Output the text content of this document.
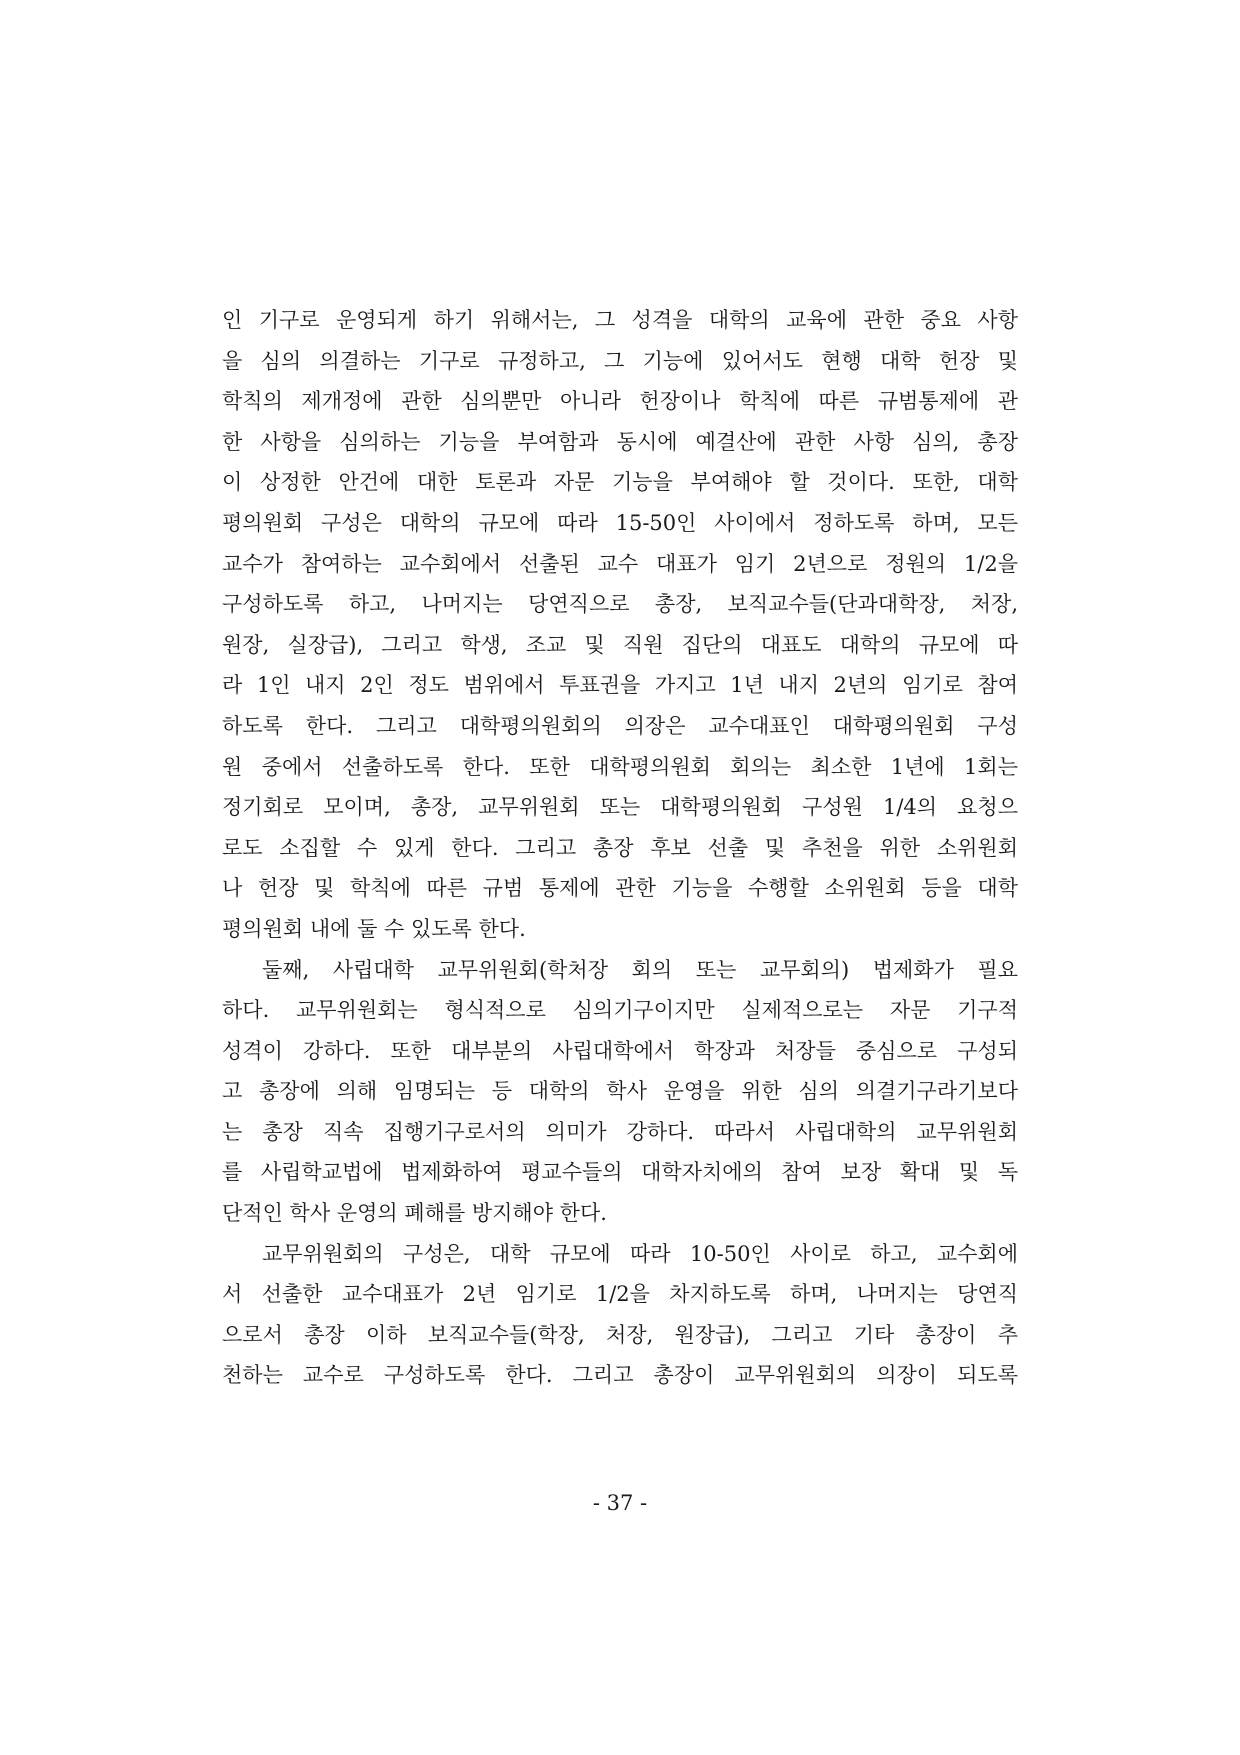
인 기구로 운영되게 하기 위해서는, 그 성격을 대학의 교육에 관한 중요 사항
을 심의 의결하는 기구로 규정하고, 그 기능에 있어서도 현행 대학 헌장 및
학칙의 제개정에 관한 심의뿐만 아니라 헌장이나 학칙에 따른 규범통제에 관
한 사항을 심의하는 기능을 부여함과 동시에 예결산에 관한 사항 심의, 총장
이 상정한 안건에 대한 토론과 자문 기능을 부여해야 할 것이다. 또한, 대학
평의원회 구성은 대학의 규모에 따라 15-50인 사이에서 정하도록 하며, 모든
교수가 참여하는 교수회에서 선출된 교수 대표가 임기 2년으로 정원의 1/2을
구성하도록 하고, 나머지는 당연직으로 총장, 보직교수들(단과대학장, 처장,
원장, 실장급), 그리고 학생, 조교 및 직원 집단의 대표도 대학의 규모에 따
라 1인 내지 2인 정도 범위에서 투표권을 가지고 1년 내지 2년의 임기로 참여
하도록 한다. 그리고 대학평의원회의 의장은 교수대표인 대학평의원회 구성
원 중에서 선출하도록 한다. 또한 대학평의원회 회의는 최소한 1년에 1회는
정기회로 모이며, 총장, 교무위원회 또는 대학평의원회 구성원 1/4의 요청으
로도 소집할 수 있게 한다. 그리고 총장 후보 선출 및 추천을 위한 소위원회
나 헌장 및 학칙에 따른 규범 통제에 관한 기능을 수행할 소위원회 등을 대학
평의원회 내에 둘 수 있도록 한다.
둘째, 사립대학 교무위원회(학처장 회의 또는 교무회의) 법제화가 필요
하다. 교무위원회는 형식적으로 심의기구이지만 실제적으로는 자문 기구적
성격이 강하다. 또한 대부분의 사립대학에서 학장과 처장들 중심으로 구성되
고 총장에 의해 임명되는 등 대학의 학사 운영을 위한 심의 의결기구라기보다
는 총장 직속 집행기구로서의 의미가 강하다. 따라서 사립대학의 교무위원회
를 사립학교법에 법제화하여 평교수들의 대학자치에의 참여 보장 확대 및 독
단적인 학사 운영의 폐해를 방지해야 한다.
교무위원회의 구성은, 대학 규모에 따라 10-50인 사이로 하고, 교수회에
서 선출한 교수대표가 2년 임기로 1/2을 차지하도록 하며, 나머지는 당연직
으로서 총장 이하 보직교수들(학장, 처장, 원장급), 그리고 기타 총장이 추
천하는 교수로 구성하도록 한다. 그리고 총장이 교무위원회의 의장이 되도록
- 37 -
